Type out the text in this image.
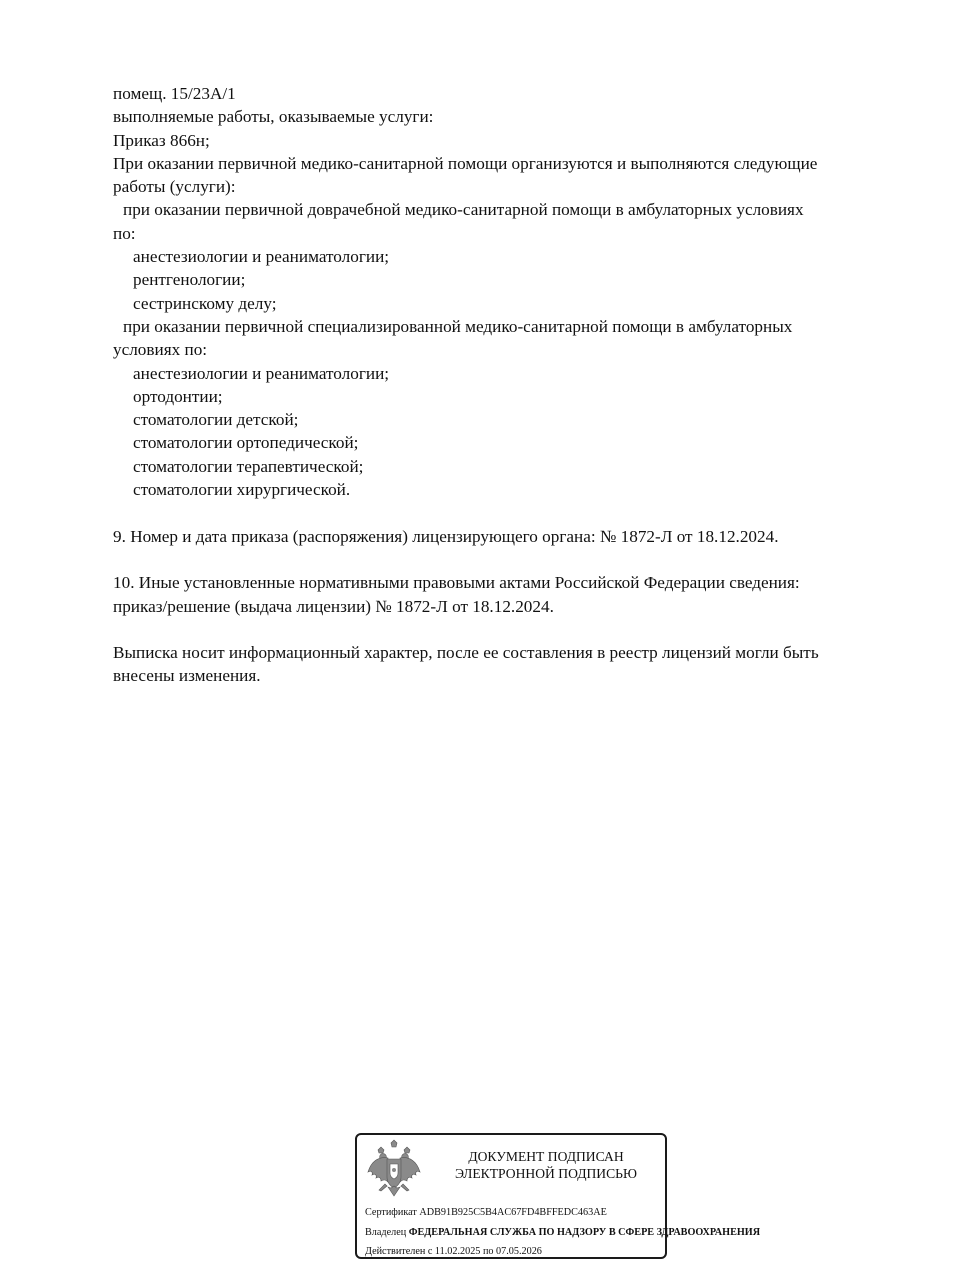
помещ. 15/23А/1
выполняемые работы, оказываемые услуги:
Приказ 866н;
При оказании первичной медико-санитарной помощи организуются и выполняются следующие
работы (услуги):
при оказании первичной доврачебной медико-санитарной помощи в амбулаторных условиях
по:
анестезиологии и реаниматологии;
рентгенологии;
сестринскому делу;
при оказании первичной специализированной медико-санитарной помощи в амбулаторных
условиях по:
анестезиологии и реаниматологии;
ортодонтии;
стоматологии детской;
стоматологии ортопедической;
стоматологии терапевтической;
стоматологии хирургической.
9. Номер и дата приказа (распоряжения) лицензирующего органа: № 1872-Л от 18.12.2024.
10. Иные установленные нормативными правовыми актами Российской Федерации сведения:
приказ/решение (выдача лицензии) № 1872-Л от 18.12.2024.
Выписка носит информационный характер, после ее составления в реестр лицензий могли быть
внесены изменения.
ДОКУМЕНТ ПОДПИСАН
ЭЛЕКТРОННОЙ ПОДПИСЬЮ
Сертификат ADB91B925C5B4AC67FD4BFFEDC463AE
Владелец ФЕДЕРАЛЬНАЯ СЛУЖБА ПО НАДЗОРУ В СФЕРЕ ЗДРАВООХРАНЕНИЯ
Действителен с 11.02.2025 по 07.05.2026
